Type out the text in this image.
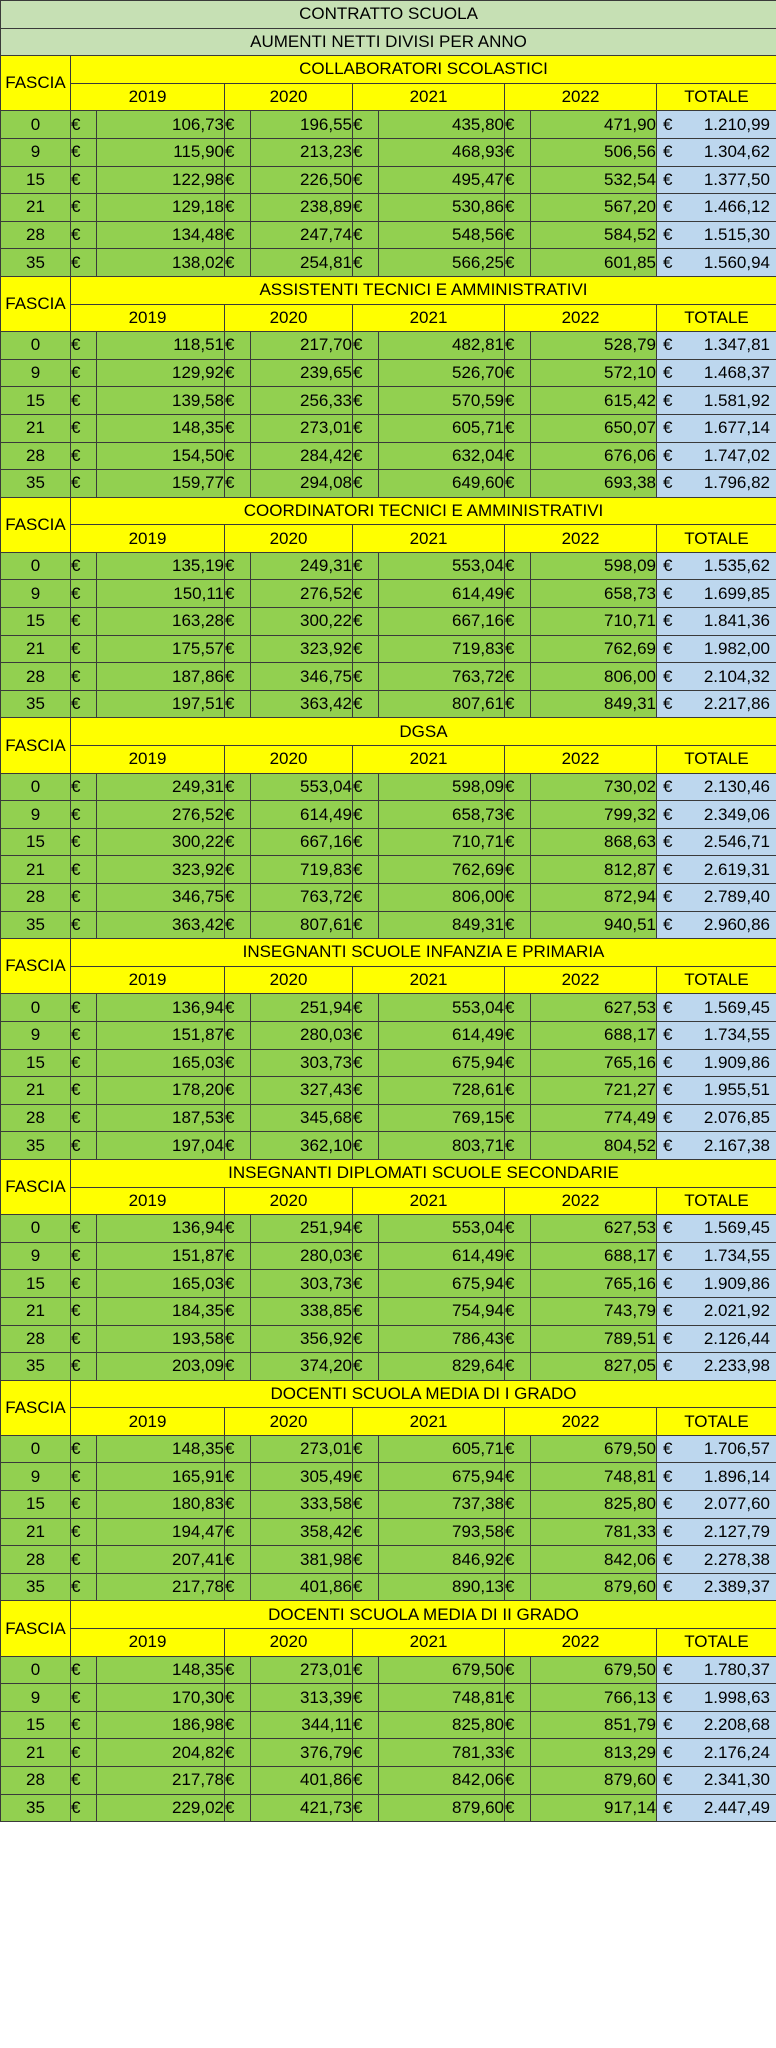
CONTRATTO SCUOLA									
AUMENTI NETTI DIVISI PER ANNO									
FASCIA	COLLABORATORI SCOLASTICI								
	2019		2020		2021		2022		TOTALE
0	€	106,73	€	196,55	€	435,80	€	471,90	€ 1.210,99

9	€	115,90	€	213,23	€	468,93	€	506,56	€ 1.304,62

15	€	122,98	€	226,50	€	495,47	€	532,54	€ 1.377,50

21	€	129,18	€	238,89	€	530,86	€	567,20	€ 1.466,12

28	€	134,48	€	247,74	€	548,56	€	584,52	€ 1.515,30

35	€	138,02	€	254,81	€	566,25	€	601,85	€ 1.560,94

FASCIA	ASSISTENTI TECNICI E AMMINISTRATIVI								
	2019		2020		2021		2022		TOTALE
0	€	118,51	€	217,70	€	482,81	€	528,79	€ 1.347,81

9	€	129,92	€	239,65	€	526,70	€	572,10	€ 1.468,37

15	€	139,58	€	256,33	€	570,59	€	615,42	€ 1.581,92

21	€	148,35	€	273,01	€	605,71	€	650,07	€ 1.677,14

28	€	154,50	€	284,42	€	632,04	€	676,06	€ 1.747,02

35	€	159,77	€	294,08	€	649,60	€	693,38	€ 1.796,82

FASCIA	COORDINATORI TECNICI E AMMINISTRATIVI								
	2019		2020		2021		2022		TOTALE
0	€	135,19	€	249,31	€	553,04	€	598,09	€ 1.535,62

9	€	150,11	€	276,52	€	614,49	€	658,73	€ 1.699,85

15	€	163,28	€	300,22	€	667,16	€	710,71	€ 1.841,36

21	€	175,57	€	323,92	€	719,83	€	762,69	€ 1.982,00

28	€	187,86	€	346,75	€	763,72	€	806,00	€ 2.104,32

35	€	197,51	€	363,42	€	807,61	€	849,31	€ 2.217,86

FASCIA	DGSA								
	2019		2020		2021		2022		TOTALE
0	€	249,31	€	553,04	€	598,09	€	730,02	€ 2.130,46

9	€	276,52	€	614,49	€	658,73	€	799,32	€ 2.349,06

15	€	300,22	€	667,16	€	710,71	€	868,63	€ 2.546,71

21	€	323,92	€	719,83	€	762,69	€	812,87	€ 2.619,31

28	€	346,75	€	763,72	€	806,00	€	872,94	€ 2.789,40

35	€	363,42	€	807,61	€	849,31	€	940,51	€ 2.960,86

FASCIA	INSEGNANTI SCUOLE INFANZIA E PRIMARIA								
	2019		2020		2021		2022		TOTALE
0	€	136,94	€	251,94	€	553,04	€	627,53	€ 1.569,45

9	€	151,87	€	280,03	€	614,49	€	688,17	€ 1.734,55

15	€	165,03	€	303,73	€	675,94	€	765,16	€ 1.909,86

21	€	178,20	€	327,43	€	728,61	€	721,27	€ 1.955,51

28	€	187,53	€	345,68	€	769,15	€	774,49	€ 2.076,85

35	€	197,04	€	362,10	€	803,71	€	804,52	€ 2.167,38

FASCIA	INSEGNANTI DIPLOMATI SCUOLE SECONDARIE								
	2019		2020		2021		2022		TOTALE
0	€	136,94	€	251,94	€	553,04	€	627,53	€ 1.569,45

9	€	151,87	€	280,03	€	614,49	€	688,17	€ 1.734,55

15	€	165,03	€	303,73	€	675,94	€	765,16	€ 1.909,86

21	€	184,35	€	338,85	€	754,94	€	743,79	€ 2.021,92

28	€	193,58	€	356,92	€	786,43	€	789,51	€ 2.126,44

35	€	203,09	€	374,20	€	829,64	€	827,05	€ 2.233,98

FASCIA	DOCENTI SCUOLA MEDIA DI I GRADO								
	2019		2020		2021		2022		TOTALE
0	€	148,35	€	273,01	€	605,71	€	679,50	€ 1.706,57

9	€	165,91	€	305,49	€	675,94	€	748,81	€ 1.896,14

15	€	180,83	€	333,58	€	737,38	€	825,80	€ 2.077,60

21	€	194,47	€	358,42	€	793,58	€	781,33	€ 2.127,79

28	€	207,41	€	381,98	€	846,92	€	842,06	€ 2.278,38

35	€	217,78	€	401,86	€	890,13	€	879,60	€ 2.389,37

FASCIA	DOCENTI SCUOLA MEDIA DI II GRADO								
	2019		2020		2021		2022		TOTALE
0	€	148,35	€	273,01	€	679,50	€	679,50	€ 1.780,37

9	€	170,30	€	313,39	€	748,81	€	766,13	€ 1.998,63

15	€	186,98	€	344,11	€	825,80	€	851,79	€ 2.208,68

21	€	204,82	€	376,79	€	781,33	€	813,29	€ 2.176,24

28	€	217,78	€	401,86	€	842,06	€	879,60	€ 2.341,30

35	€	229,02	€	421,73	€	879,60	€	917,14	€ 2.447,49
